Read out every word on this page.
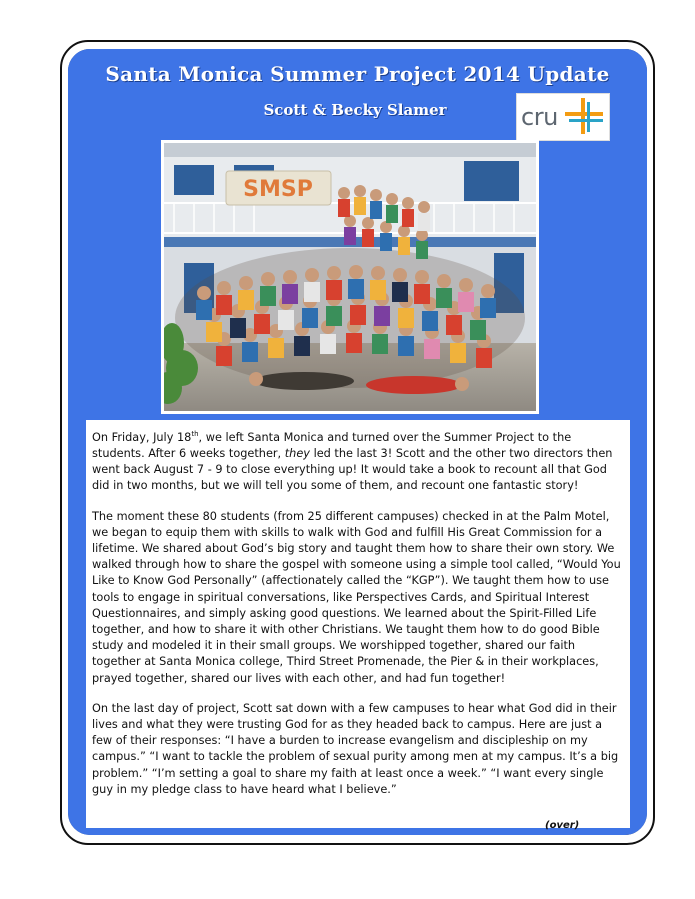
Santa Monica Summer Project 2014 Update
Scott & Becky Slamer	cru
SMSP

On Friday, July 18th, we left Santa Monica and turned over the Summer Project to the students. After 6 weeks together, they led the last 3! Scott and the other two directors then went back August 7 - 9 to close everything up! It would take a book to recount all that God did in two months, but we will tell you some of them, and recount one fantastic story!

The moment these 80 students (from 25 different campuses) checked in at the Palm Motel, we began to equip them with skills to walk with God and fulfill His Great Commission for a lifetime. We shared about God’s big story and taught them how to share their own story. We walked through how to share the gospel with someone using a simple tool called, “Would You Like to Know God Personally” (affectionately called the “KGP”). We taught them how to use tools to engage in spiritual conversations, like Perspectives Cards, and Spiritual Interest Questionnaires, and simply asking good questions. We learned about the Spirit-Filled Life together, and how to share it with other Christians. We taught them how to do good Bible study and modeled it in their small groups. We worshipped together, shared our faith together at Santa Monica college, Third Street Promenade, the Pier & in their workplaces, prayed together, shared our lives with each other, and had fun together!

On the last day of project, Scott sat down with a few campuses to hear what God did in their lives and what they were trusting God for as they headed back to campus. Here are just a few of their responses: “I have a burden to increase evangelism and discipleship on my campus.” “I want to tackle the problem of sexual purity among men at my campus. It’s a big problem.” “I’m setting a goal to share my faith at least once a week.” “I want every single guy in my pledge class to have heard what I believe.”

(over)
